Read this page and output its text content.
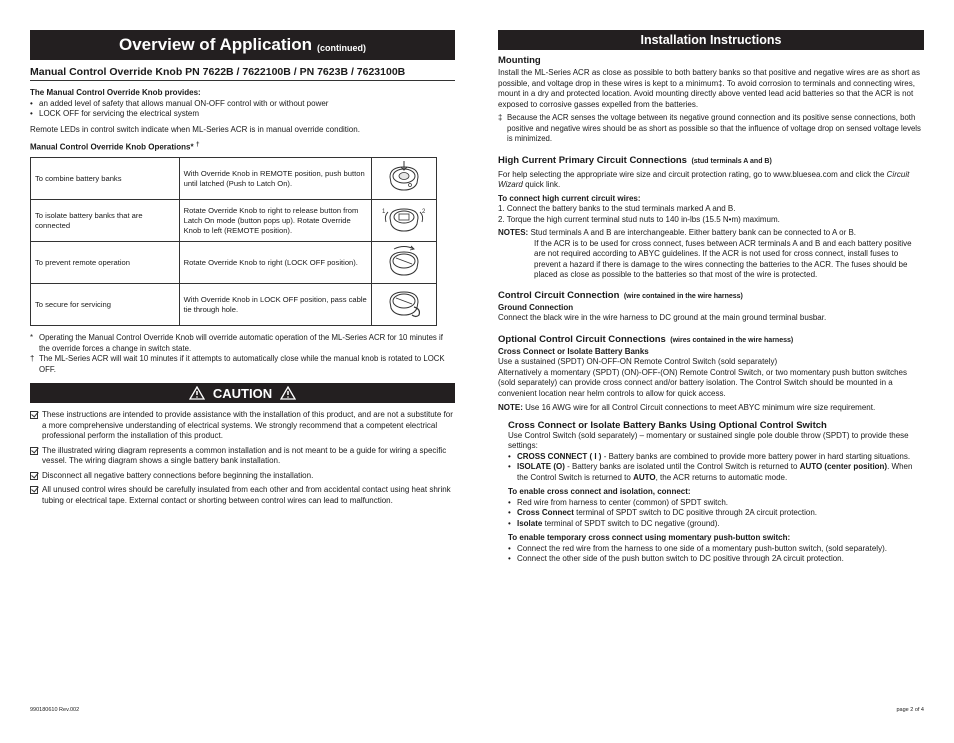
Overview of Application (continued)
Manual Control Override Knob PN 7622B / 7622100B / PN 7623B / 7623100B
The Manual Control Override Knob provides:
• an added level of safety that allows manual ON-OFF control with or without power
• LOCK OFF for servicing the electrical system
Remote LEDs in control switch indicate when ML-Series ACR is in manual override condition.
Manual Control Override Knob Operations* †
To combine battery banks	With Override Knob in REMOTE position, push button until latched (Push to Latch On).	
To isolate battery banks that are connected	Rotate Override Knob to right to release button from Latch On mode (button pops up). Rotate Override Knob to left (REMOTE position).	1 2

To prevent remote operation	Rotate Override Knob to right (LOCK OFF position).	
To secure for servicing	With Override Knob in LOCK OFF position, pass cable tie through hole.	
* Operating the Manual Control Override Knob will override automatic operation of the ML-Series ACR for 10 minutes if the override forces a change in switch state.
† The ML-Series ACR will wait 10 minutes if it attempts to automatically close while the manual knob is rotated to LOCK OFF.
CAUTION
These instructions are intended to provide assistance with the installation of this product, and are not a substitute for a more comprehensive understanding of electrical systems. We strongly recommend that a competent electrical professional perform the installation of this product.
The illustrated wiring diagram represents a common installation and is not meant to be a guide for wiring a specific vessel. The wiring diagram shows a single battery bank installation.
Disconnect all negative battery connections before beginning the installation.
All unused control wires should be carefully insulated from each other and from accidental contact using heat shrink tubing or electrical tape. External contact or shorting between control wires can lead to malfunction.
Installation Instructions
Mounting
Install the ML-Series ACR as close as possible to both battery banks so that positive and negative wires are as short as possible, and voltage drop in these wires is kept to a minimum‡. To avoid corrosion to terminals and connecting wires, mount in a dry and protected location. Avoid mounting directly above vented lead acid batteries so that the ACR is not exposed to corrosive gasses expelled from the batteries.
‡ Because the ACR senses the voltage between its negative ground connection and its positive sense connections, both positive and negative wires should be as short as possible so that the influence of voltage drop on sensed voltage levels is minimized.
High Current Primary Circuit Connections (stud terminals A and B)
For help selecting the appropriate wire size and circuit protection rating, go to www.bluesea.com and click the Circuit Wizard quick link.
To connect high current circuit wires:
1. Connect the battery banks to the stud terminals marked A and B.
2. Torque the high current terminal stud nuts to 140 in-lbs (15.5 N•m) maximum.
NOTES: Stud terminals A and B are interchangeable. Either battery bank can be connected to A or B.
If the ACR is to be used for cross connect, fuses between ACR terminals A and B and each battery positive are not required according to ABYC guidelines. If the ACR is not used for cross connect, install fuses to prevent a hazard if there is damage to the wires connecting the batteries to the ACR. The fuses should be placed as close as possible to the batteries so that most of the wire is protected.
Control Circuit Connection (wire contained in the wire harness)
Ground Connection
Connect the black wire in the wire harness to DC ground at the main ground terminal busbar.
Optional Control Circuit Connections (wires contained in the wire harness)
Cross Connect or Isolate Battery Banks
Use a sustained (SPDT) ON-OFF-ON Remote Control Switch (sold separately)
Alternatively a momentary (SPDT) (ON)-OFF-(ON) Remote Control Switch, or two momentary push button switches (sold separately) can provide cross connect and/or battery isolation. The Control Switch should be mounted in a convenient location near helm controls to allow for quick access.
NOTE: Use 16 AWG wire for all Control Circuit connections to meet ABYC minimum wire size requirement.
Cross Connect or Isolate Battery Banks Using Optional Control Switch
Use Control Switch (sold separately) – momentary or sustained single pole double throw (SPDT) to provide these settings:
• CROSS CONNECT ( I ) - Battery banks are combined to provide more battery power in hard starting situations.
• ISOLATE (O) - Battery banks are isolated until the Control Switch is returned to AUTO (center position). When the Control Switch is returned to AUTO, the ACR returns to automatic mode.
To enable cross connect and isolation, connect:
• Red wire from harness to center (common) of SPDT switch.
• Cross Connect terminal of SPDT switch to DC positive through 2A circuit protection.
• Isolate terminal of SPDT switch to DC negative (ground).
To enable temporary cross connect using momentary push-button switch:
• Connect the red wire from the harness to one side of a momentary push-button switch, (sold separately).
• Connect the other side of the push button switch to DC positive through 2A circuit protection.
990180610 Rev.002	page 2 of 4
